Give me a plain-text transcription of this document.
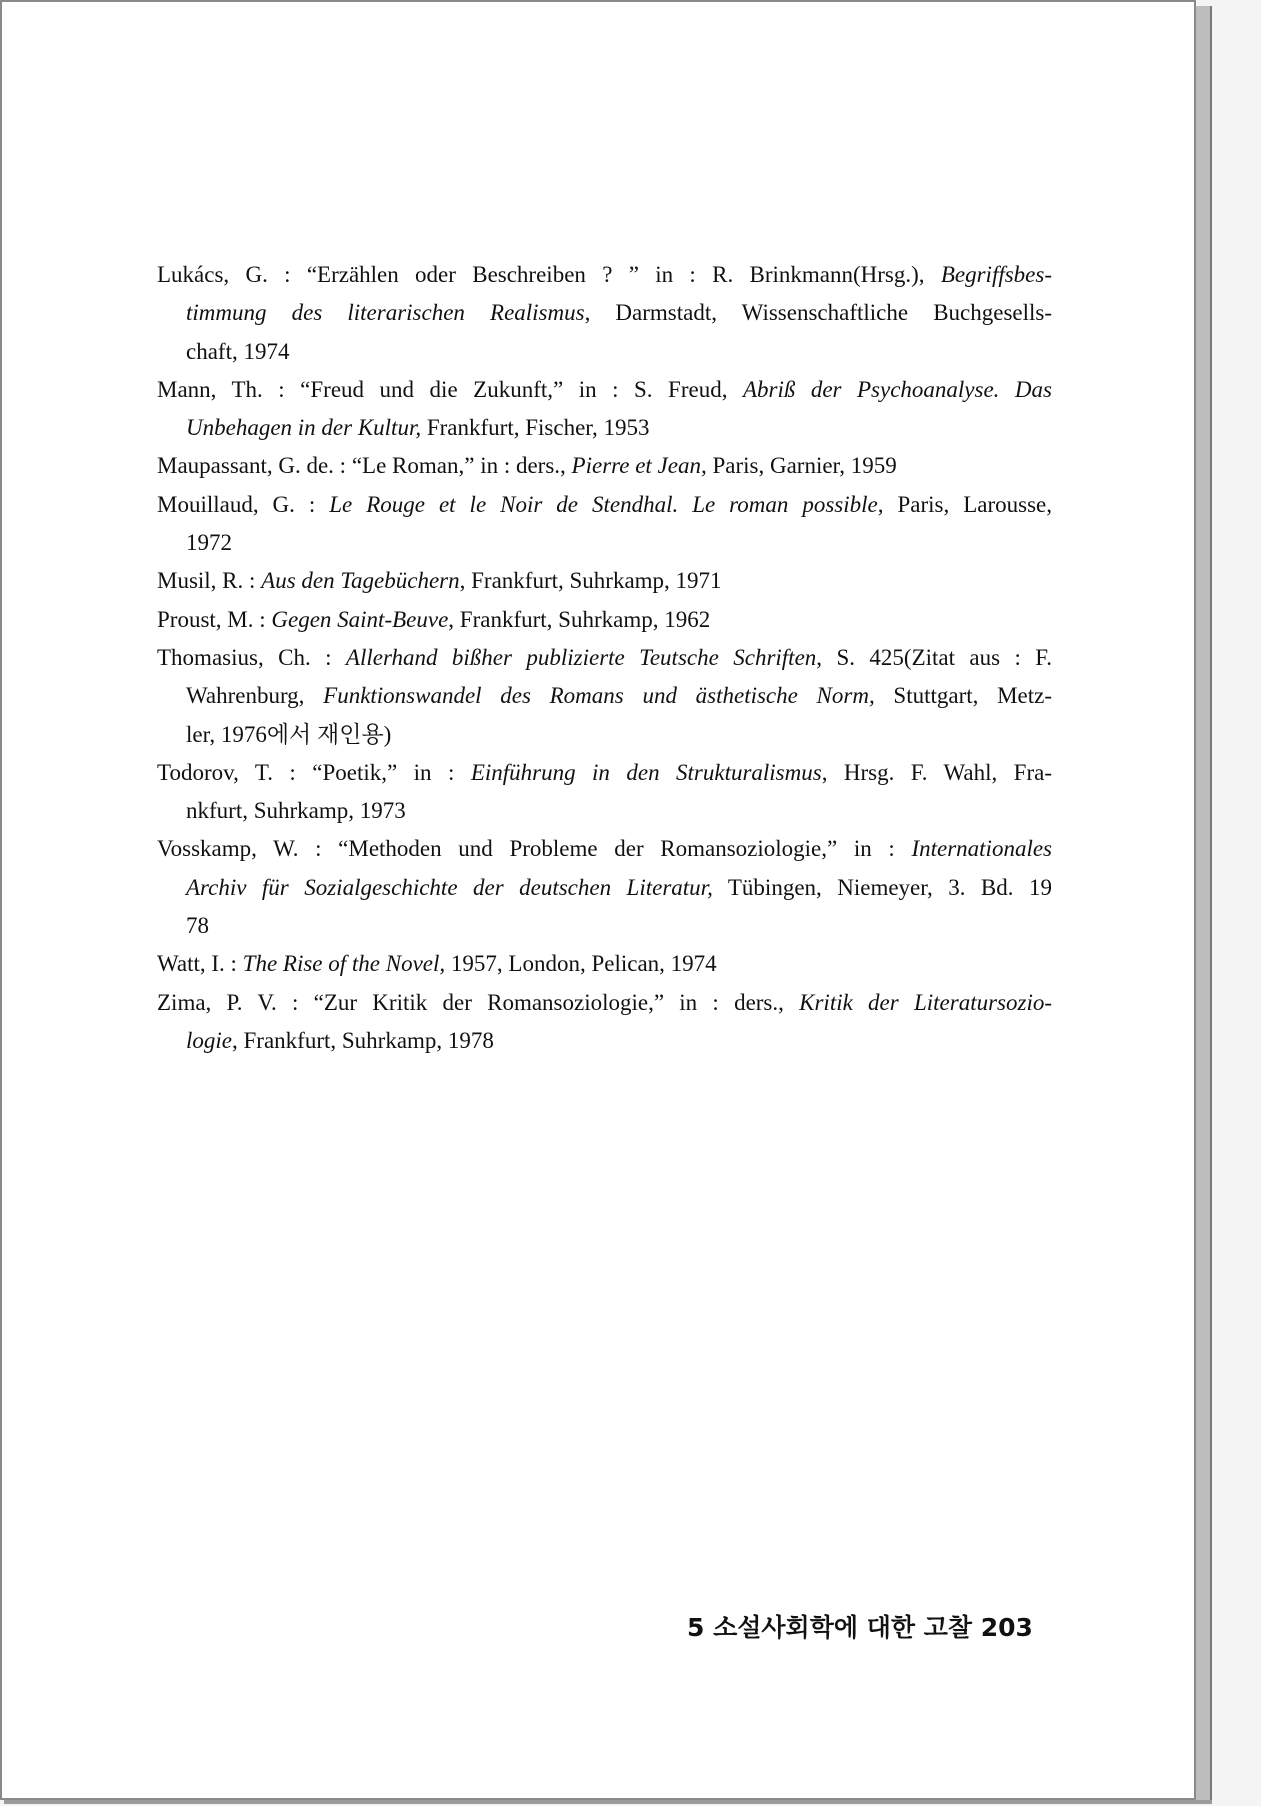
Lukács, G. : “Erzählen oder Beschreiben ? ” in : R. Brinkmann(Hrsg.), Begriffsbes-
timmung des literarischen Realismus, Darmstadt, Wissenschaftliche Buchgesells-
chaft, 1974
Mann, Th. : “Freud und die Zukunft,” in : S. Freud, Abriß der Psychoanalyse. Das
Unbehagen in der Kultur, Frankfurt, Fischer, 1953
Maupassant, G. de. : “Le Roman,” in : ders., Pierre et Jean, Paris, Garnier, 1959
Mouillaud, G. : Le Rouge et le Noir de Stendhal. Le roman possible, Paris, Larousse,
1972
Musil, R. : Aus den Tagebüchern, Frankfurt, Suhrkamp, 1971
Proust, M. : Gegen Saint-Beuve, Frankfurt, Suhrkamp, 1962
Thomasius, Ch. : Allerhand bißher publizierte Teutsche Schriften, S. 425(Zitat aus : F.
Wahrenburg, Funktionswandel des Romans und ästhetische Norm, Stuttgart, Metz-
ler, 1976에서 재인용)
Todorov, T. : “Poetik,” in : Einführung in den Strukturalismus, Hrsg. F. Wahl, Fra-
nkfurt, Suhrkamp, 1973
Vosskamp, W. : “Methoden und Probleme der Romansoziologie,” in : Internationales
Archiv für Sozialgeschichte der deutschen Literatur, Tübingen, Niemeyer, 3. Bd. 19
78
Watt, I. : The Rise of the Novel, 1957, London, Pelican, 1974
Zima, P. V. : “Zur Kritik der Romansoziologie,” in : ders., Kritik der Literatursozio-
logie, Frankfurt, Suhrkamp, 1978
5 소설사회학에 대한 고찰 203
